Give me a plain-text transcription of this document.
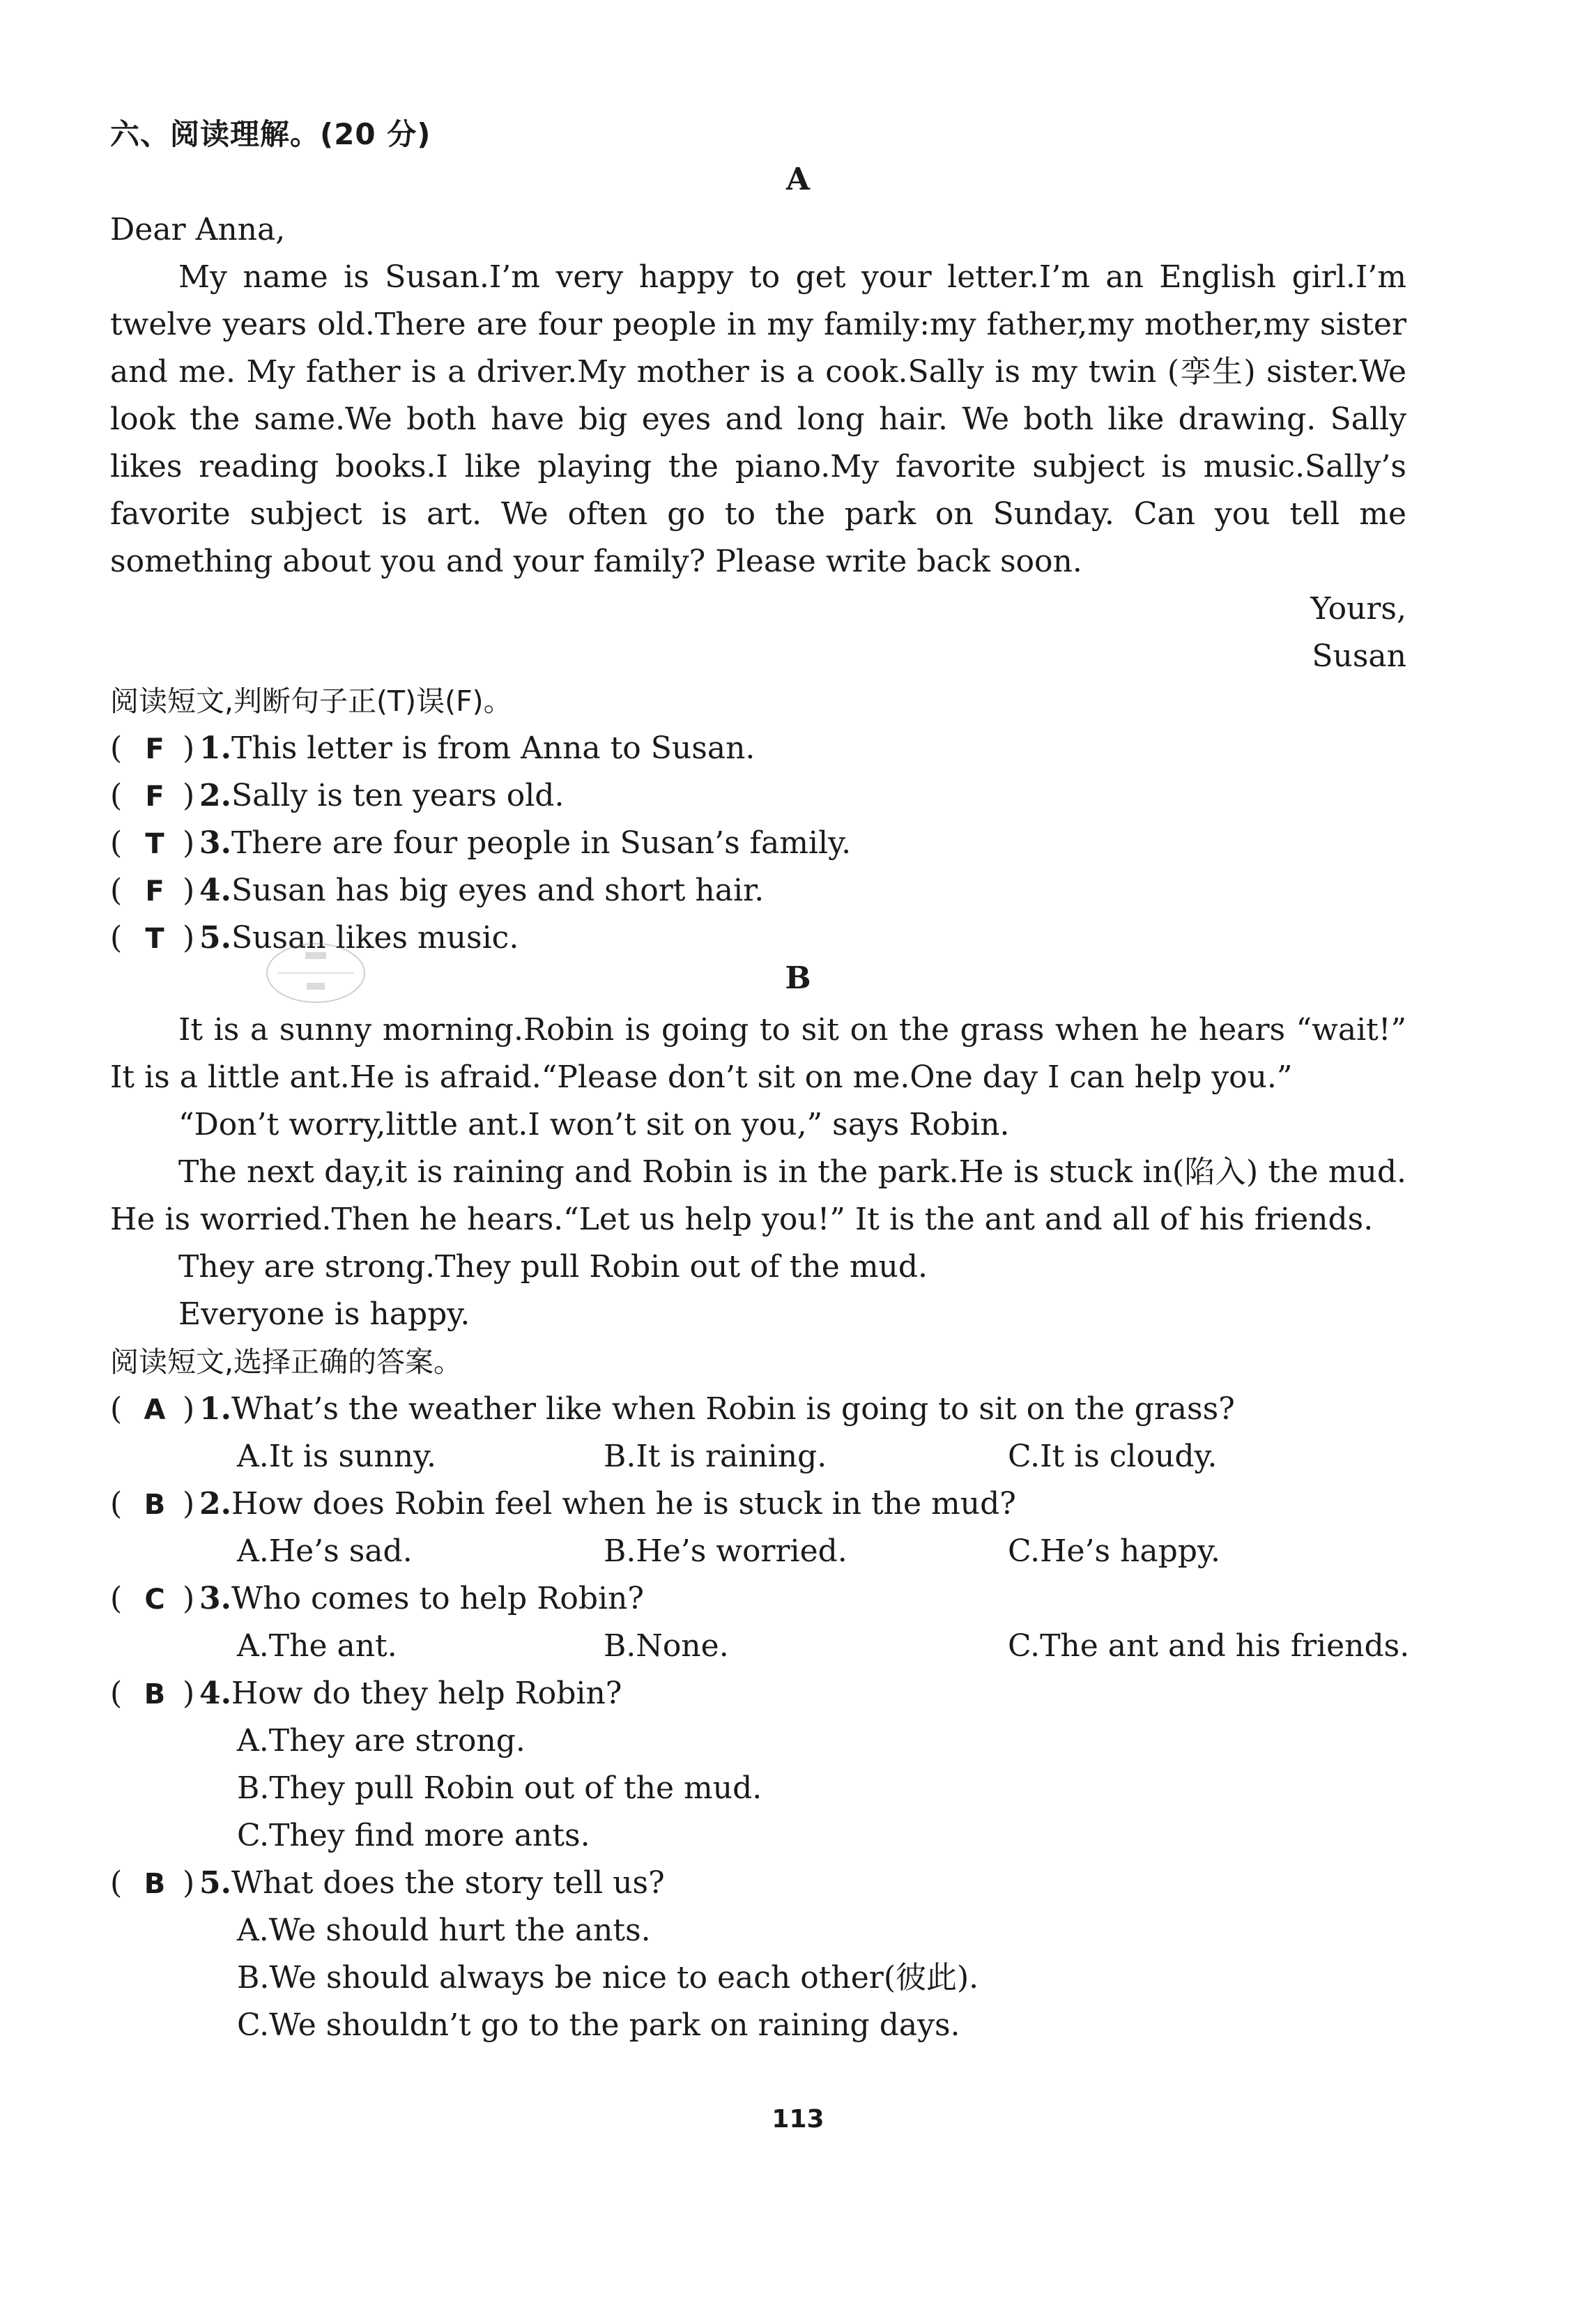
六、阅读理解。(20 分)
A

Dear Anna,

My name is Susan.I’m very happy to get your letter.I’m an English girl.I’m twelve years old.There are four people in my family:my father,my mother,my sister and me. My father is a driver.My mother is a cook.Sally is my twin (孪生) sister.We look the same.We both have big eyes and long hair. We both like drawing. Sally likes reading books.I like playing the piano.My favorite subject is music.Sally’s favorite subject is art. We often go to the park on Sunday. Can you tell me something about you and your family? Please write back soon.

Yours,

Susan

阅读短文,判断句子正(T)误(F)。
( F ) 1.This letter is from Anna to Susan.
( F ) 2.Sally is ten years old.
( T ) 3.There are four people in Susan’s family.
( F ) 4.Susan has big eyes and short hair.
( T ) 5.Susan likes music.
B

It is a sunny morning.Robin is going to sit on the grass when he hears “wait!” It is a little ant.He is afraid.“Please don’t sit on me.One day I can help you.”

“Don’t worry,little ant.I won’t sit on you,” says Robin.

The next day,it is raining and Robin is in the park.He is stuck in(陷入) the mud. He is worried.Then he hears.“Let us help you!” It is the ant and all of his friends.

They are strong.They pull Robin out of the mud.

Everyone is happy.

阅读短文,选择正确的答案。
( A ) 1.What’s the weather like when Robin is going to sit on the grass?
A.It is sunny.	B.It is raining.	C.It is cloudy.
( B ) 2.How does Robin feel when he is stuck in the mud?
A.He’s sad.	B.He’s worried.	C.He’s happy.
( C ) 3.Who comes to help Robin?
A.The ant.	B.None.	C.The ant and his friends.
( B ) 4.How do they help Robin?
A.They are strong.
B.They pull Robin out of the mud.
C.They find more ants.
( B ) 5.What does the story tell us?
A.We should hurt the ants.
B.We should always be nice to each other(彼此).
C.We shouldn’t go to the park on raining days.
113
